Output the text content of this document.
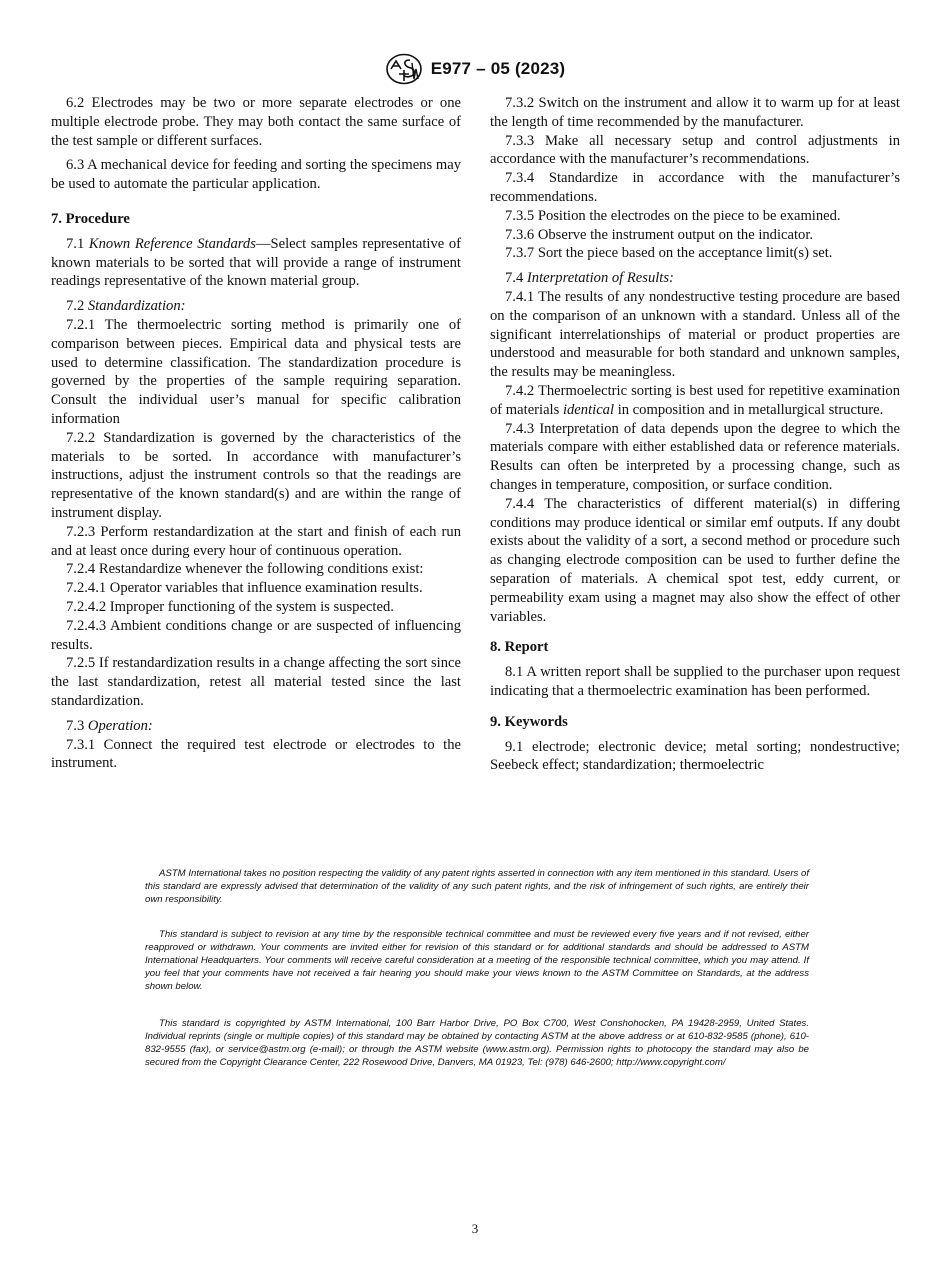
E977 – 05 (2023)

6.2 Electrodes may be two or more separate electrodes or one multiple electrode probe. They may both contact the same surface of the test sample or different surfaces.

6.3 A mechanical device for feeding and sorting the specimens may be used to automate the particular application.

7. Procedure

7.1 Known Reference Standards—Select samples representative of known materials to be sorted that will provide a range of instrument readings representative of the known material group.

7.2 Standardization:

7.2.1 The thermoelectric sorting method is primarily one of comparison between pieces. Empirical data and physical tests are used to determine classification. The standardization procedure is governed by the properties of the sample requiring separation. Consult the individual user’s manual for specific calibration information

7.2.2 Standardization is governed by the characteristics of the materials to be sorted. In accordance with manufacturer’s instructions, adjust the instrument controls so that the readings are representative of the known standard(s) and are within the range of instrument display.

7.2.3 Perform restandardization at the start and finish of each run and at least once during every hour of continuous operation.

7.2.4 Restandardize whenever the following conditions exist:

7.2.4.1 Operator variables that influence examination results.

7.2.4.2 Improper functioning of the system is suspected.

7.2.4.3 Ambient conditions change or are suspected of influencing results.

7.2.5 If restandardization results in a change affecting the sort since the last standardization, retest all material tested since the last standardization.

7.3 Operation:

7.3.1 Connect the required test electrode or electrodes to the instrument.

7.3.2 Switch on the instrument and allow it to warm up for at least the length of time recommended by the manufacturer.

7.3.3 Make all necessary setup and control adjustments in accordance with the manufacturer’s recommendations.

7.3.4 Standardize in accordance with the manufacturer’s recommendations.

7.3.5 Position the electrodes on the piece to be examined.

7.3.6 Observe the instrument output on the indicator.

7.3.7 Sort the piece based on the acceptance limit(s) set.

7.4 Interpretation of Results:

7.4.1 The results of any nondestructive testing procedure are based on the comparison of an unknown with a standard. Unless all of the significant interrelationships of material or product properties are understood and measurable for both standard and unknown samples, the results may be meaningless.

7.4.2 Thermoelectric sorting is best used for repetitive examination of materials identical in composition and in metallurgical structure.

7.4.3 Interpretation of data depends upon the degree to which the materials compare with either established data or reference materials. Results can often be interpreted by a processing change, such as changes in temperature, composition, or surface condition.

7.4.4 The characteristics of different material(s) in differing conditions may produce identical or similar emf outputs. If any doubt exists about the validity of a sort, a second method or procedure such as changing electrode composition can be used to further define the separation of materials. A chemical spot test, eddy current, or permeability exam using a magnet may also show the effect of other variables.

8. Report

8.1 A written report shall be supplied to the purchaser upon request indicating that a thermoelectric examination has been performed.

9. Keywords

9.1 electrode; electronic device; metal sorting; nondestructive; Seebeck effect; standardization; thermoelectric

ASTM International takes no position respecting the validity of any patent rights asserted in connection with any item mentioned in this standard. Users of this standard are expressly advised that determination of the validity of any such patent rights, and the risk of infringement of such rights, are entirely their own responsibility.

This standard is subject to revision at any time by the responsible technical committee and must be reviewed every five years and if not revised, either reapproved or withdrawn. Your comments are invited either for revision of this standard or for additional standards and should be addressed to ASTM International Headquarters. Your comments will receive careful consideration at a meeting of the responsible technical committee, which you may attend. If you feel that your comments have not received a fair hearing you should make your views known to the ASTM Committee on Standards, at the address shown below.

This standard is copyrighted by ASTM International, 100 Barr Harbor Drive, PO Box C700, West Conshohocken, PA 19428-2959, United States. Individual reprints (single or multiple copies) of this standard may be obtained by contacting ASTM at the above address or at 610-832-9585 (phone), 610-832-9555 (fax), or service@astm.org (e-mail); or through the ASTM website (www.astm.org). Permission rights to photocopy the standard may also be secured from the Copyright Clearance Center, 222 Rosewood Drive, Danvers, MA 01923, Tel: (978) 646-2600; http://www.copyright.com/

3
